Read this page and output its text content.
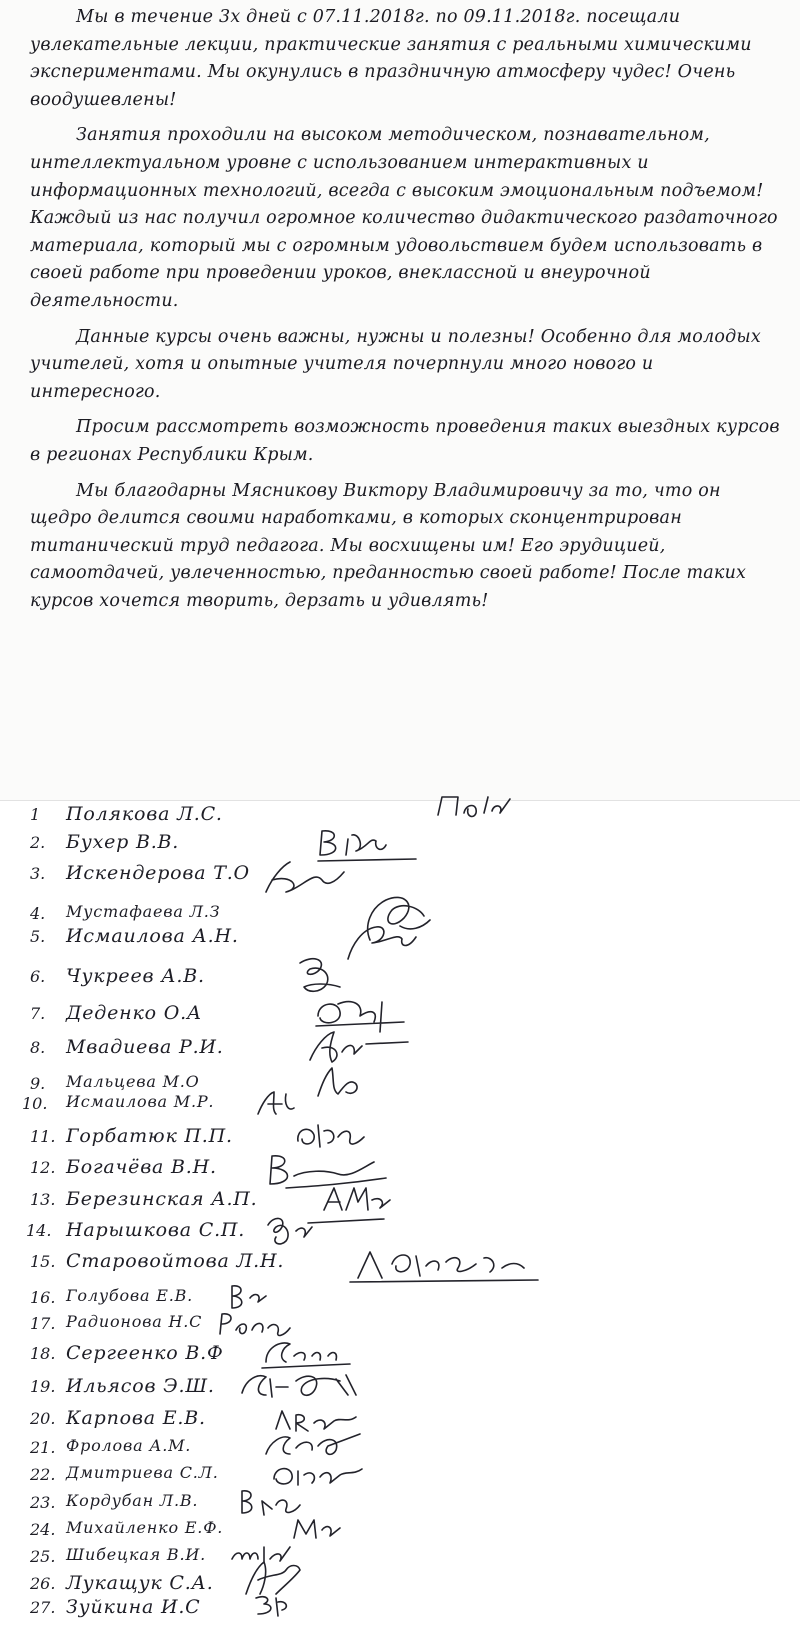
Мы в течение 3х дней с 07.11.2018г. по 09.11.2018г. посещали увлекательные лекции, практические занятия с реальными химическими экспериментами. Мы окунулись в праздничную атмосферу чудес! Очень воодушевлены!

Занятия проходили на высоком методическом, познавательном, интеллектуальном уровне с использованием интерактивных и информационных технологий, всегда с высоким эмоциональным подъемом! Каждый из нас получил огромное количество дидактического раздаточного материала, который мы с огромным удовольствием будем использовать в своей работе при проведении уроков, внеклассной и внеурочной деятельности.

Данные курсы очень важны, нужны и полезны! Особенно для молодых учителей, хотя и опытные учителя почерпнули много нового и интересного.

Просим рассмотреть возможность проведения таких выездных курсов в регионах Республики Крым.

Мы благодарны Мясникову Виктору Владимировичу за то, что он щедро делится своими наработками, в которых сконцентрирован титанический труд педагога. Мы восхищены им! Его эрудицией, самоотдачей, увлеченностью, преданностью своей работе! После таких курсов хочется творить, дерзать и удивлять!

1 Полякова Л.С.
2. Бухер В.В.
3. Искендерова Т.О
4. Мустафаева Л.З
5. Исмаилова А.Н.
6. Чукреев А.В.
7. Деденко О.А
8. Мвадиева Р.И.
9. Мальцева М.О
10. Исмаилова М.Р.
11. Горбатюк П.П.
12. Богачёва В.Н.
13. Березинская А.П.
14. Нарышкова С.П.
15. Старовойтова Л.Н.
16. Голубова Е.В.
17. Радионова Н.С
18. Сергеенко В.Ф
19. Ильясов Э.Ш.
20. Карпова Е.В.
21. Фролова А.М.
22. Дмитриева С.Л.
23. Кордубан Л.В.
24. Михайленко Е.Ф.
25. Шибецкая В.И.
26. Лукащук С.А.
27. Зуйкина И.С
